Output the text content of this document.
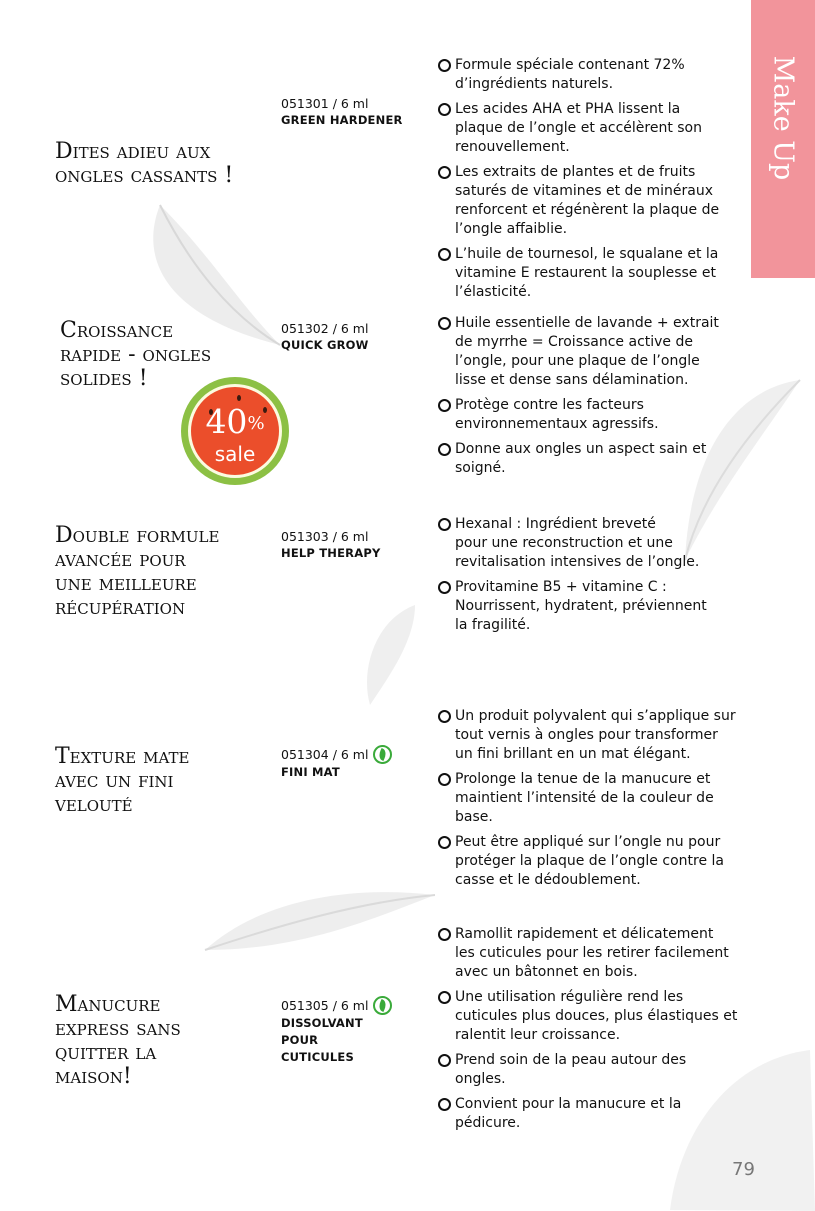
Make Up
Dites adieu aux
ongles cassants !
051301 / 6 ml
GREEN HARDENER
Formule spéciale contenant 72%
d’ingrédients naturels.
Les acides AHA et PHA lissent la
plaque de l’ongle et accélèrent son
renouvellement.
Les extraits de plantes et de fruits
saturés de vitamines et de minéraux
renforcent et régénèrent la plaque de
l’ongle affaiblie.
L’huile de tournesol, le squalane et la
vitamine E restaurent la souplesse et
l’élasticité.
Croissance
rapide - ongles
solides !
051302 / 6 ml
QUICK GROW
Huile essentielle de lavande + extrait
de myrrhe = Croissance active de
l’ongle, pour une plaque de l’ongle
lisse et dense sans délamination.
Protège contre les facteurs
environnementaux agressifs.
Donne aux ongles un aspect sain et
soigné.
40%
sale
Double formule
avancée pour
une meilleure
récupération
051303 / 6 ml
HELP THERAPY
Hexanal : Ingrédient breveté
pour une reconstruction et une
revitalisation intensives de l’ongle.
Provitamine B5 + vitamine C :
Nourrissent, hydratent, préviennent
la fragilité.
Texture mate
avec un fini
velouté
051304 / 6 ml
FINI MAT
Un produit polyvalent qui s’applique sur
tout vernis à ongles pour transformer
un fini brillant en un mat élégant.
Prolonge la tenue de la manucure et
maintient l’intensité de la couleur de
base.
Peut être appliqué sur l’ongle nu pour
protéger la plaque de l’ongle contre la
casse et le dédoublement.
Manucure
express sans
quitter la
maison!
051305 / 6 ml
DISSOLVANT
POUR
CUTICULES
Ramollit rapidement et délicatement
les cuticules pour les retirer facilement
avec un bâtonnet en bois.
Une utilisation régulière rend les
cuticules plus douces, plus élastiques et
ralentit leur croissance.
Prend soin de la peau autour des
ongles.
Convient pour la manucure et la
pédicure.
79
